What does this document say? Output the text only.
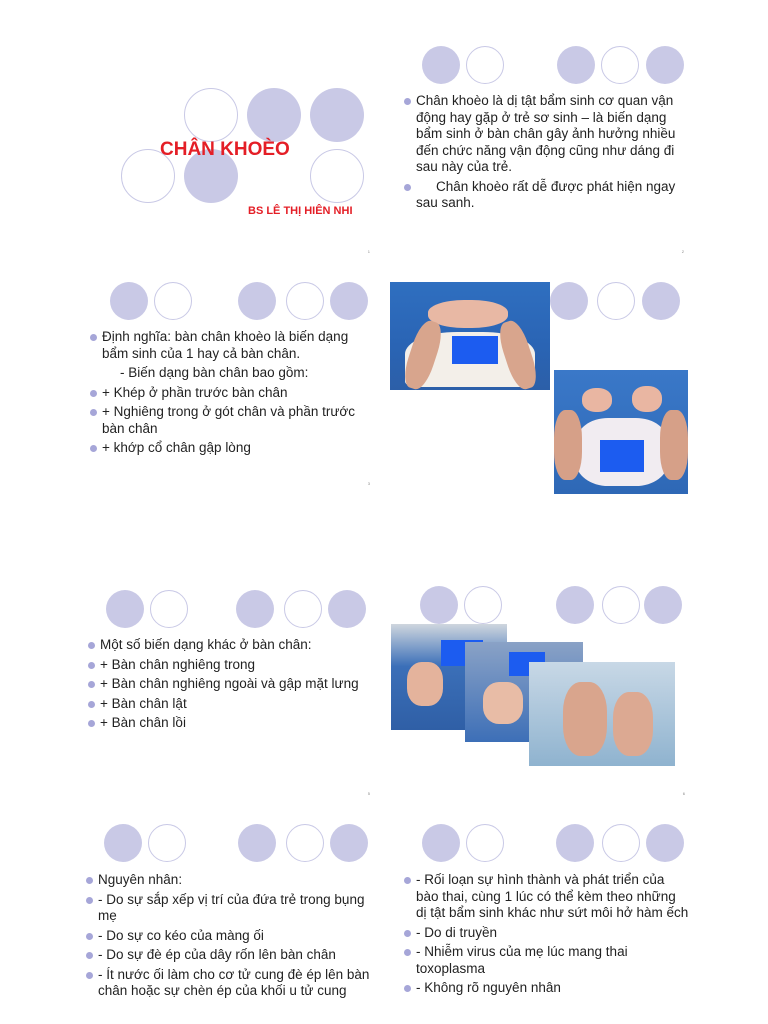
CHÂN KHOÈO
BS LÊ THỊ HIÊN NHI
1
Chân khoèo là dị tật bẩm sinh cơ quan vận động hay gặp ở trẻ sơ sinh – là biến dạng bẩm sinh ở bàn chân gây ảnh hưởng nhiều đến chức năng vận động cũng như dáng đi sau này của trẻ.
Chân khoèo rất dễ được phát hiện ngay sau sanh.
2
Định nghĩa: bàn chân khoèo là biến dạng bẩm sinh của 1 hay cả bàn chân.
- Biến dạng bàn chân bao gồm:
+ Khép ở phần trước bàn chân
+ Nghiêng trong ở gót chân và phần trước bàn chân
+ khớp cổ chân gập lòng
3
Một số biến dạng khác ở bàn chân:
+ Bàn chân nghiêng trong
+ Bàn chân nghiêng ngoài và gập mặt lưng
+ Bàn chân lật
+ Bàn chân lồi
5	6
Nguyên nhân:
- Do sự sắp xếp vị trí của đứa trẻ trong bụng mẹ
- Do sự co kéo của màng ối
- Do sự đè ép của dây rốn lên bàn chân
- Ít nước ối làm cho cơ tử cung đè ép lên bàn chân hoặc sự chèn ép của khối u tử cung
- Rối loạn sự hình thành và phát triển của bào thai, cùng 1 lúc có thể kèm theo những dị tật bẩm sinh khác như sứt môi hở hàm ếch
- Do di truyền
- Nhiễm virus của mẹ lúc mang thai toxoplasma
- Không rõ nguyên nhân
